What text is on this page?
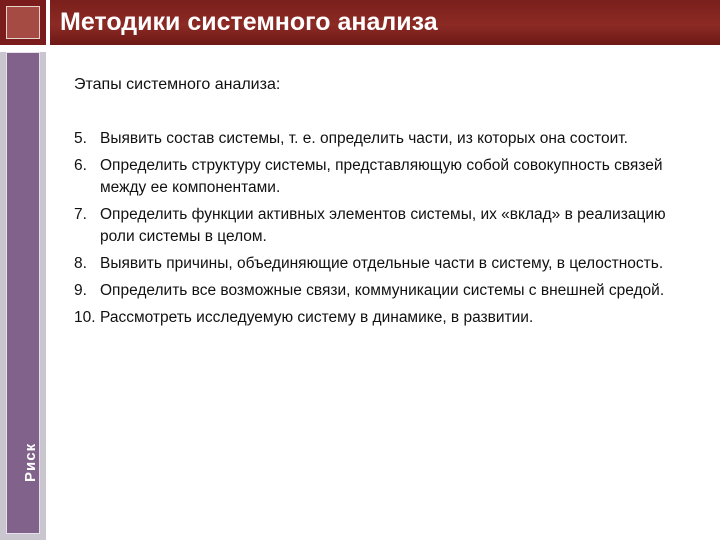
Риск
Методики системного анализа
Этапы системного анализа:
5. Выявить состав системы, т. е. определить части, из которых она состоит.
6. Определить структуру системы, представляющую собой совокупность связей между ее компонентами.
7. Определить функции активных элементов системы, их «вклад» в реализацию роли системы в целом.
8. Выявить причины, объединяющие отдельные части в систему, в целостность.
9. Определить все возможные связи, коммуникации системы с внешней средой.
10. Рассмотреть исследуемую систему в динамике, в развитии.
